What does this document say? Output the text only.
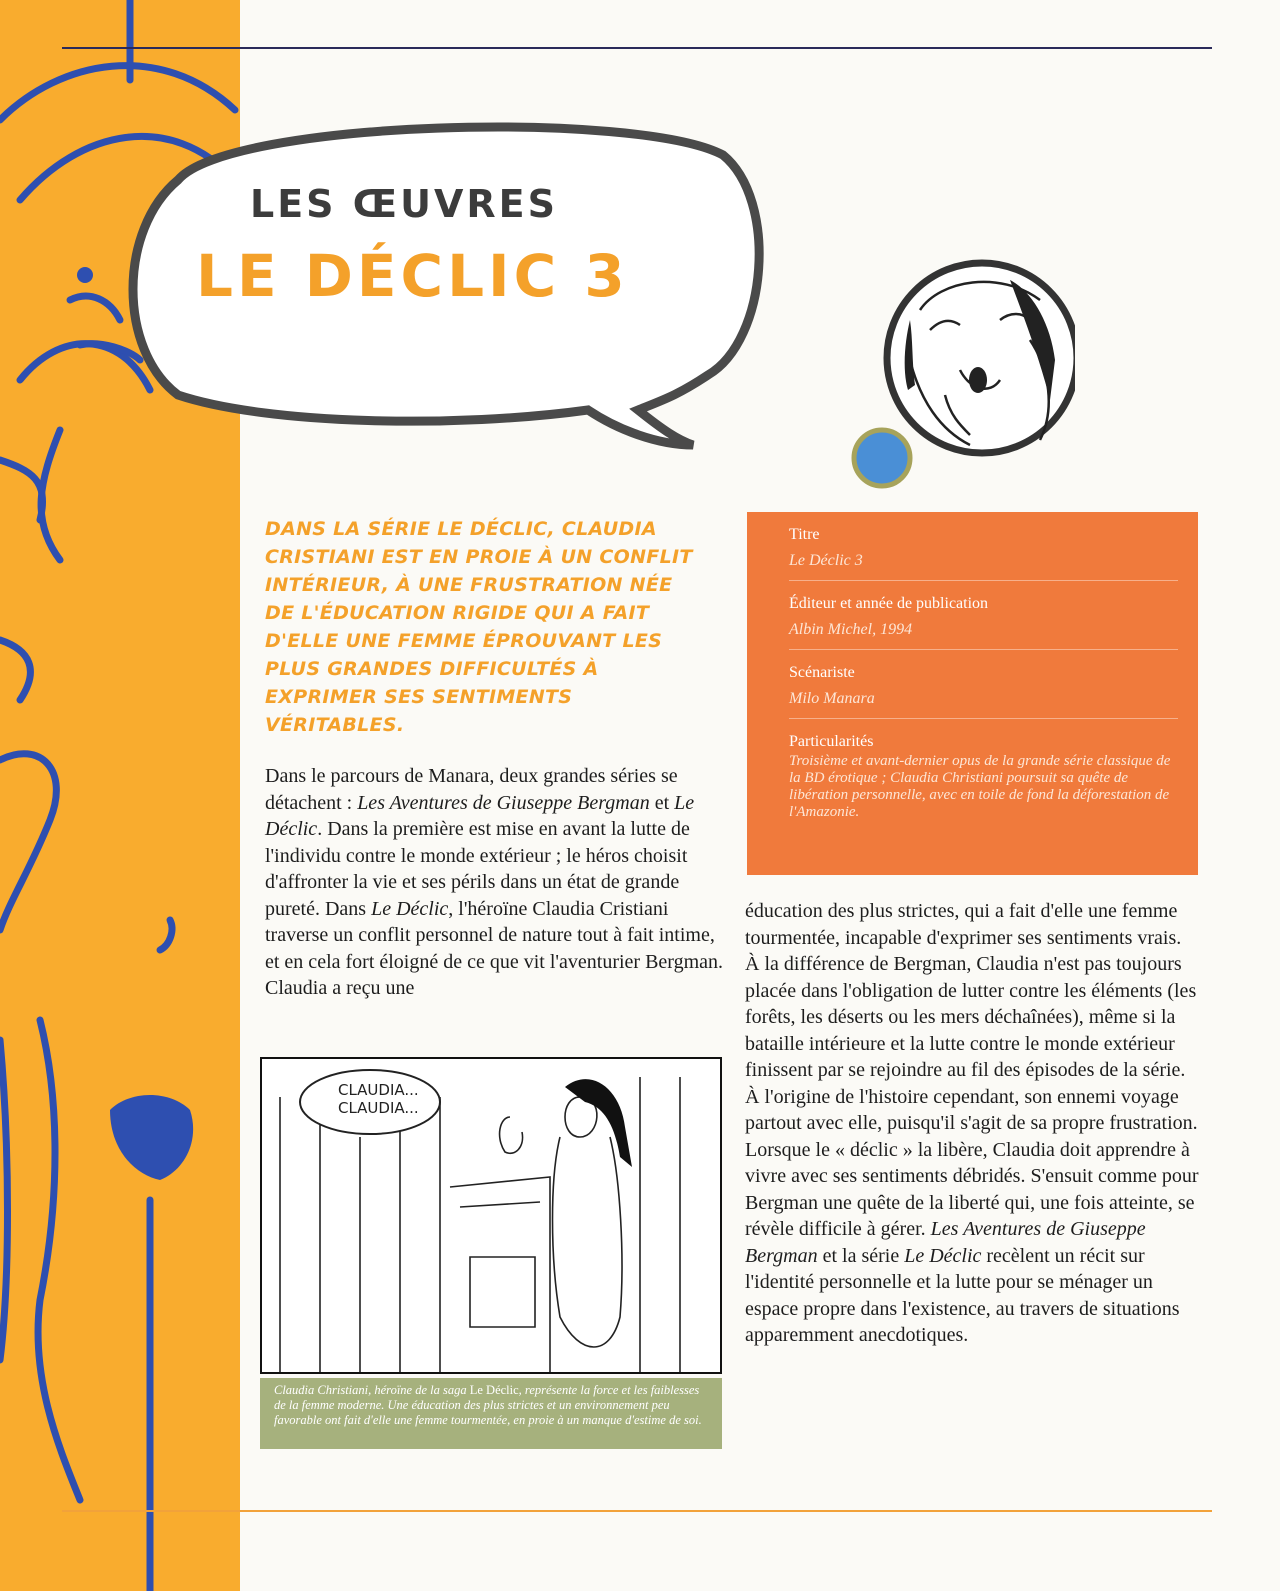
LES ŒUVRES
LE DÉCLIC 3
DANS LA SÉRIE LE DÉCLIC, CLAUDIA CRISTIANI EST EN PROIE À UN CONFLIT INTÉRIEUR, À UNE FRUSTRATION NÉE DE L'ÉDUCATION RIGIDE QUI A FAIT D'ELLE UNE FEMME ÉPROUVANT LES PLUS GRANDES DIFFICULTÉS À EXPRIMER SES SENTIMENTS VÉRITABLES.
Titre
Le Déclic 3
Éditeur et année de publication
Albin Michel, 1994
Scénariste
Milo Manara
Particularités
Troisième et avant-dernier opus de la grande série classique de la BD érotique ; Claudia Christiani poursuit sa quête de libération personnelle, avec en toile de fond la déforestation de l'Amazonie.

Dans le parcours de Manara, deux grandes séries se détachent : Les Aventures de Giuseppe Bergman et Le Déclic. Dans la première est mise en avant la lutte de l'individu contre le monde extérieur ; le héros choisit d'affronter la vie et ses périls dans un état de grande pureté. Dans Le Déclic, l'héroïne Claudia Cristiani traverse un conflit personnel de nature tout à fait intime, et en cela fort éloigné de ce que vit l'aventurier Bergman. Claudia a reçu une

éducation des plus strictes, qui a fait d'elle une femme tourmentée, incapable d'exprimer ses sentiments vrais.

À la différence de Bergman, Claudia n'est pas toujours placée dans l'obligation de lutter contre les éléments (les forêts, les déserts ou les mers déchaînées), même si la bataille intérieure et la lutte contre le monde extérieur finissent par se rejoindre au fil des épisodes de la série.

À l'origine de l'histoire cependant, son ennemi voyage partout avec elle, puisqu'il s'agit de sa propre frustration. Lorsque le « déclic » la libère, Claudia doit apprendre à vivre avec ses sentiments débridés. S'ensuit comme pour Bergman une quête de la liberté qui, une fois atteinte, se révèle difficile à gérer. Les Aventures de Giuseppe Bergman et la série Le Déclic recèlent un récit sur l'identité personnelle et la lutte pour se ménager un espace propre dans l'existence, au travers de situations apparemment anecdotiques.

CLAUDIA...
CLAUDIA...
Claudia Christiani, héroïne de la saga Le Déclic, représente la force et les faiblesses de la femme moderne. Une éducation des plus strictes et un environnement peu favorable ont fait d'elle une femme tourmentée, en proie à un manque d'estime de soi.
